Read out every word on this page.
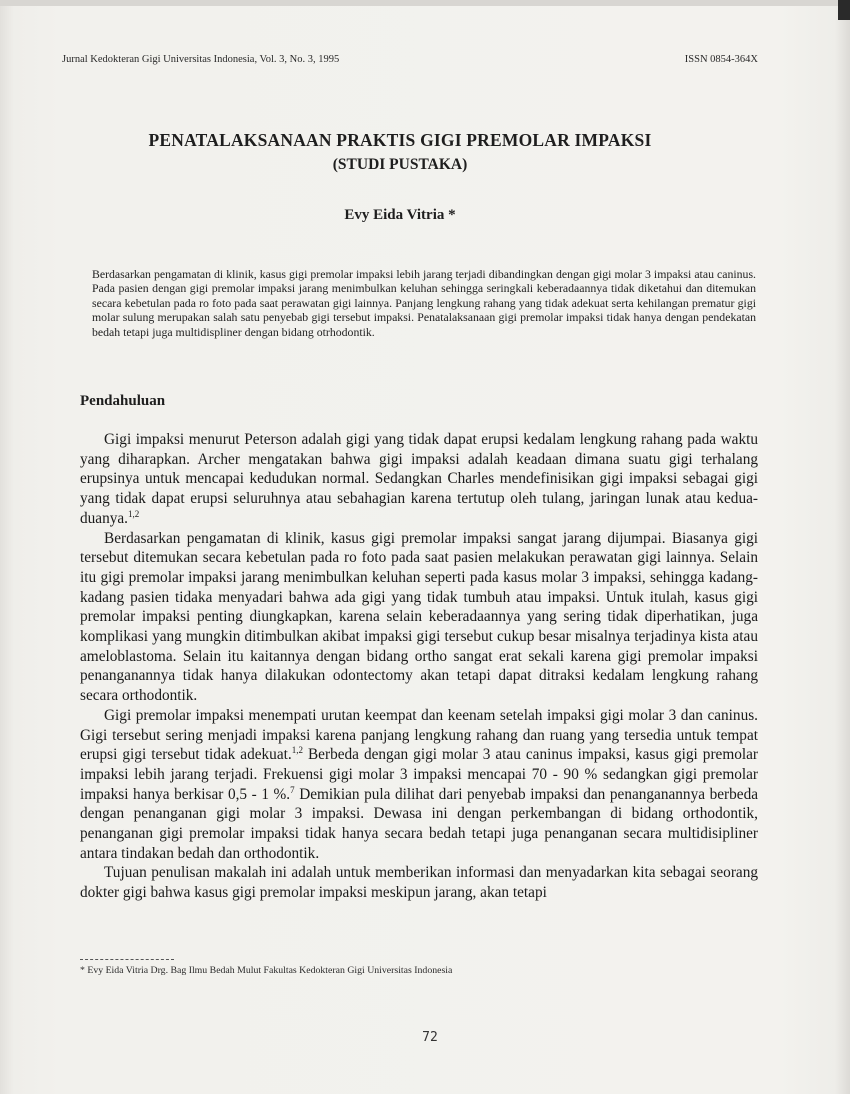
Jurnal Kedokteran Gigi Universitas Indonesia, Vol. 3, No. 3, 1995	ISSN 0854-364X
PENATALAKSANAAN PRAKTIS GIGI PREMOLAR IMPAKSI
(STUDI PUSTAKA)
Evy Eida Vitria *
Berdasarkan pengamatan di klinik, kasus gigi premolar impaksi lebih jarang terjadi dibandingkan dengan gigi molar 3 impaksi atau caninus. Pada pasien dengan gigi premolar impaksi jarang menimbulkan keluhan sehingga seringkali keberadaannya tidak diketahui dan ditemukan secara kebetulan pada ro foto pada saat perawatan gigi lainnya. Panjang lengkung rahang yang tidak adekuat serta kehilangan prematur gigi molar sulung merupakan salah satu penyebab gigi tersebut impaksi. Penatalaksanaan gigi premolar impaksi tidak hanya dengan pendekatan bedah tetapi juga multidispliner dengan bidang otrhodontik.
Pendahuluan

Gigi impaksi menurut Peterson adalah gigi yang tidak dapat erupsi kedalam lengkung rahang pada waktu yang diharapkan. Archer mengatakan bahwa gigi impaksi adalah keadaan dimana suatu gigi terhalang erupsinya untuk mencapai kedudukan normal. Sedangkan Charles mendefinisikan gigi impaksi sebagai gigi yang tidak dapat erupsi seluruhnya atau sebahagian karena tertutup oleh tulang, jaringan lunak atau kedua-duanya.$^{1,2}$

Berdasarkan pengamatan di klinik, kasus gigi premolar impaksi sangat jarang dijumpai. Biasanya gigi tersebut ditemukan secara kebetulan pada ro foto pada saat pasien melakukan perawatan gigi lainnya. Selain itu gigi premolar impaksi jarang menimbulkan keluhan seperti pada kasus molar 3 impaksi, sehingga kadang-kadang pasien tidaka menyadari bahwa ada gigi yang tidak tumbuh atau impaksi. Untuk itulah, kasus gigi premolar impaksi penting diungkapkan, karena selain keberadaannya yang sering tidak diperhatikan, juga komplikasi yang mungkin ditimbulkan akibat impaksi gigi tersebut cukup besar misalnya terjadinya kista atau ameloblastoma. Selain itu kaitannya dengan bidang ortho sangat erat sekali karena gigi premolar impaksi penanganannya tidak hanya dilakukan odontectomy akan tetapi dapat ditraksi kedalam lengkung rahang secara orthodontik.

Gigi premolar impaksi menempati urutan keempat dan keenam setelah impaksi gigi molar 3 dan caninus. Gigi tersebut sering menjadi impaksi karena panjang lengkung rahang dan ruang yang tersedia untuk tempat erupsi gigi tersebut tidak adekuat.$^{1,2}$ Berbeda dengan gigi molar 3 atau caninus impaksi, kasus gigi premolar impaksi lebih jarang terjadi. Frekuensi gigi molar 3 impaksi mencapai 70 - 90 % sedangkan gigi premolar impaksi hanya berkisar 0,5 - 1 %.$^7$ Demikian pula dilihat dari penyebab impaksi dan penanganannya berbeda dengan penanganan gigi molar 3 impaksi. Dewasa ini dengan perkembangan di bidang orthodontik, penanganan gigi premolar impaksi tidak hanya secara bedah tetapi juga penanganan secara multidisipliner antara tindakan bedah dan orthodontik.

Tujuan penulisan makalah ini adalah untuk memberikan informasi dan menyadarkan kita sebagai seorang dokter gigi bahwa kasus gigi premolar impaksi meskipun jarang, akan tetapi

* Evy Eida Vitria Drg. Bag Ilmu Bedah Mulut Fakultas Kedokteran Gigi Universitas Indonesia
72
